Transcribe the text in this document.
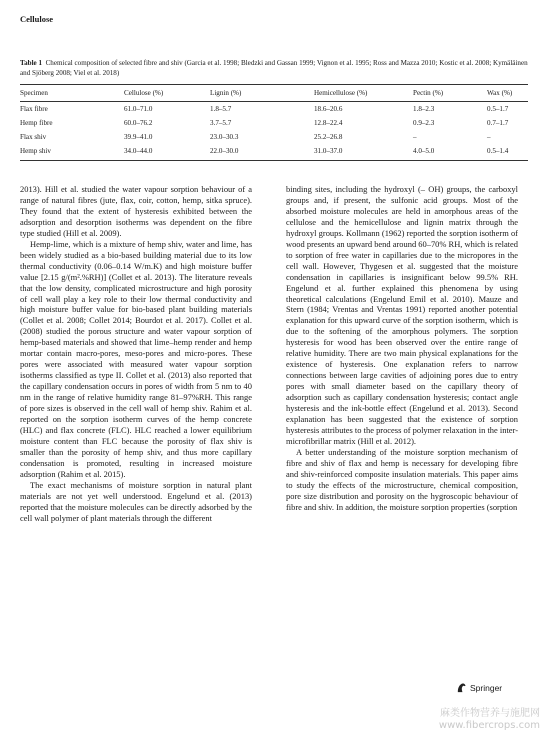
Cellulose
Table 1 Chemical composition of selected fibre and shiv (Garcia et al. 1998; Bledzki and Gassan 1999; Vignon et al. 1995; Ross and Mazza 2010; Kostic et al. 2008; Kymäläinen and Sjöberg 2008; Viel et al. 2018)
Specimen	Cellulose (%)	Lignin (%)	Hemicellulose (%)	Pectin (%)	Wax (%)
Flax fibre	61.0–71.0	1.8–5.7	18.6–20.6	1.8–2.3	0.5–1.7
Hemp fibre	60.0–76.2	3.7–5.7	12.8–22.4	0.9–2.3	0.7–1.7
Flax shiv	39.9–41.0	23.0–30.3	25.2–26.8	–	–
Hemp shiv	34.0–44.0	22.0–30.0	31.0–37.0	4.0–5.0	0.5–1.4

2013). Hill et al. studied the water vapour sorption behaviour of a range of natural fibres (jute, flax, coir, cotton, hemp, sitka spruce). They found that the extent of hysteresis exhibited between the adsorption and desorption isotherms was dependent on the fibre type studied (Hill et al. 2009).

Hemp-lime, which is a mixture of hemp shiv, water and lime, has been widely studied as a bio-based building material due to its low thermal conductivity (0.06–0.14 W/m.K) and high moisture buffer value [2.15 g/(m².%RH)] (Collet et al. 2013). The literature reveals that the low density, complicated microstructure and high porosity of cell wall play a key role to their low thermal conductivity and high moisture buffer value for bio-based plant building materials (Collet et al. 2008; Collet 2014; Bourdot et al. 2017). Collet et al. (2008) studied the porous structure and water vapour sorption of hemp-based materials and showed that lime–hemp render and hemp mortar contain macro-pores, meso-pores and micro-pores. These pores were associated with measured water vapour sorption isotherms classified as type II. Collet et al. (2013) also reported that the capillary condensation occurs in pores of width from 5 nm to 40 nm in the range of relative humidity range 81–97%RH. This range of pore sizes is observed in the cell wall of hemp shiv. Rahim et al. reported on the sorption isotherm curves of the hemp concrete (HLC) and flax concrete (FLC). HLC reached a lower equilibrium moisture content than FLC because the porosity of flax shiv is smaller than the porosity of hemp shiv, and thus more capillary condensation is promoted, resulting in increased moisture adsorption (Rahim et al. 2015).

The exact mechanisms of moisture sorption in natural plant materials are not yet well understood. Engelund et al. (2013) reported that the moisture molecules can be directly adsorbed by the cell wall polymer of plant materials through the different

binding sites, including the hydroxyl (– OH) groups, the carboxyl groups and, if present, the sulfonic acid groups. Most of the absorbed moisture molecules are held in amorphous areas of the cellulose and the hemicellulose and lignin matrix through the hydroxyl groups. Kollmann (1962) reported the sorption isotherm of wood presents an upward bend around 60–70% RH, which is related to sorption of free water in capillaries due to the micropores in the cell wall. However, Thygesen et al. suggested that the moisture condensation in capillaries is insignificant below 99.5% RH. Engelund et al. further explained this phenomena by using theoretical calculations (Engelund Emil et al. 2010). Mauze and Stern (1984; Vrentas and Vrentas 1991) reported another potential explanation for this upward curve of the sorption isotherm, which is due to the softening of the amorphous polymers. The sorption hysteresis for wood has been observed over the entire range of relative humidity. There are two main physical explanations for the existence of hysteresis. One explanation refers to narrow connections between large cavities of adjoining pores due to entry pores with small diameter based on the capillary theory of adsorption such as capillary condensation hysteresis; contact angle hysteresis and the ink-bottle effect (Engelund et al. 2013). Second explanation has been suggested that the existence of sorption hysteresis attributes to the process of polymer relaxation in the inter-microfibrillar matrix (Hill et al. 2012).

A better understanding of the moisture sorption mechanism of fibre and shiv of flax and hemp is necessary for developing fibre and shiv-reinforced composite insulation materials. This paper aims to study the effects of the microstructure, chemical composition, pore size distribution and porosity on the hygroscopic behaviour of fibre and shiv. In addition, the moisture sorption properties (sorption

Springer
麻类作物营养与施肥网
www.fibercrops.com
